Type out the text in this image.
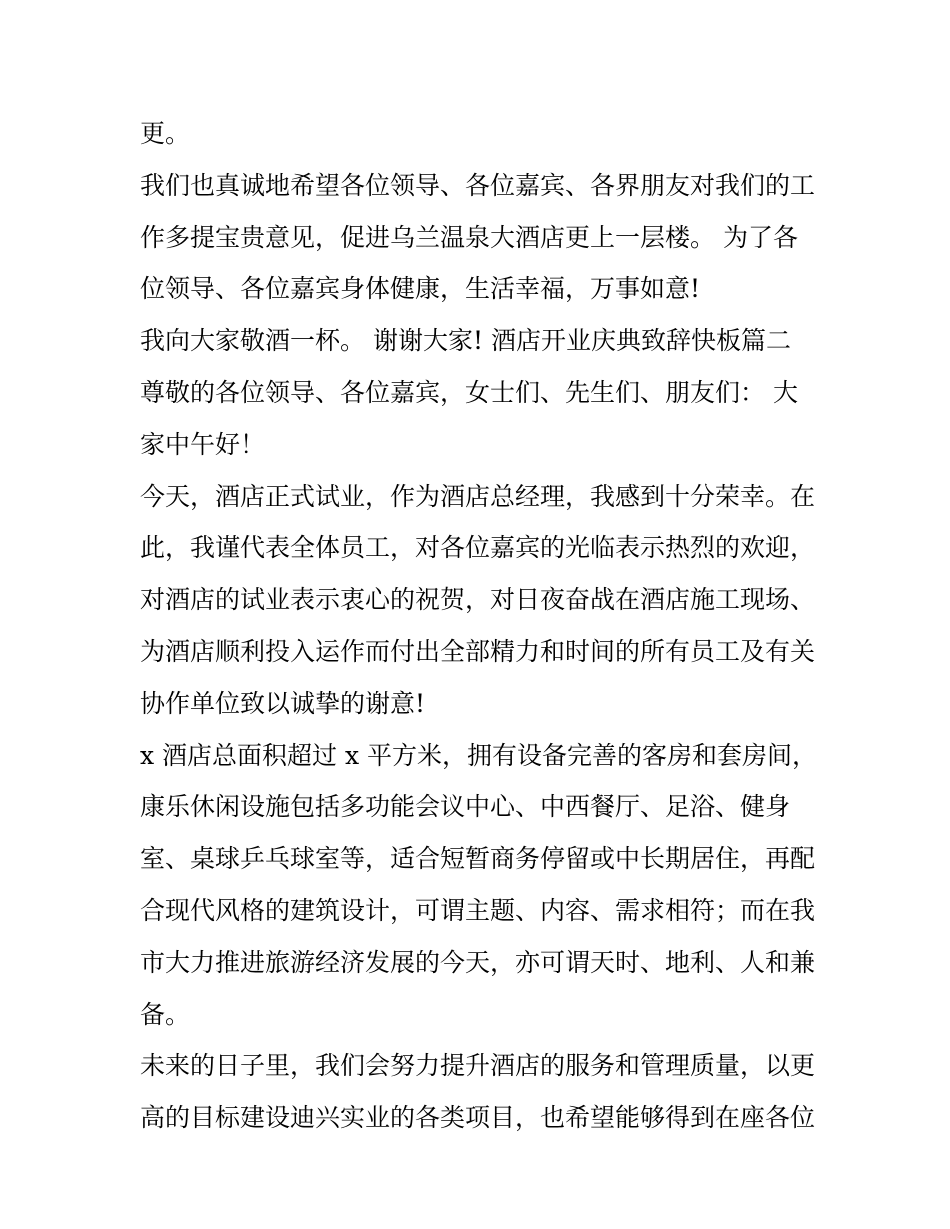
更。
我们也真诚地希望各位领导、各位嘉宾、各界朋友对我们的工
作多提宝贵意见，促进乌兰温泉大酒店更上一层楼。 为了各
位领导、各位嘉宾身体健康，生活幸福，万事如意!
我向大家敬酒一杯。 谢谢大家! 酒店开业庆典致辞快板篇二
尊敬的各位领导、各位嘉宾，女士们、先生们、朋友们： 大
家中午好！
今天，酒店正式试业，作为酒店总经理，我感到十分荣幸。在
此，我谨代表全体员工，对各位嘉宾的光临表示热烈的欢迎，
对酒店的试业表示衷心的祝贺，对日夜奋战在酒店施工现场、
为酒店顺利投入运作而付出全部精力和时间的所有员工及有关
协作单位致以诚挚的谢意!
x 酒店总面积超过 x 平方米，拥有设备完善的客房和套房间，
康乐休闲设施包括多功能会议中心、中西餐厅、足浴、健身
室、桌球乒乓球室等，适合短暂商务停留或中长期居住，再配
合现代风格的建筑设计，可谓主题、内容、需求相符；而在我
市大力推进旅游经济发展的今天，亦可谓天时、地利、人和兼
备。
未来的日子里，我们会努力提升酒店的服务和管理质量，以更
高的目标建设迪兴实业的各类项目，也希望能够得到在座各位
